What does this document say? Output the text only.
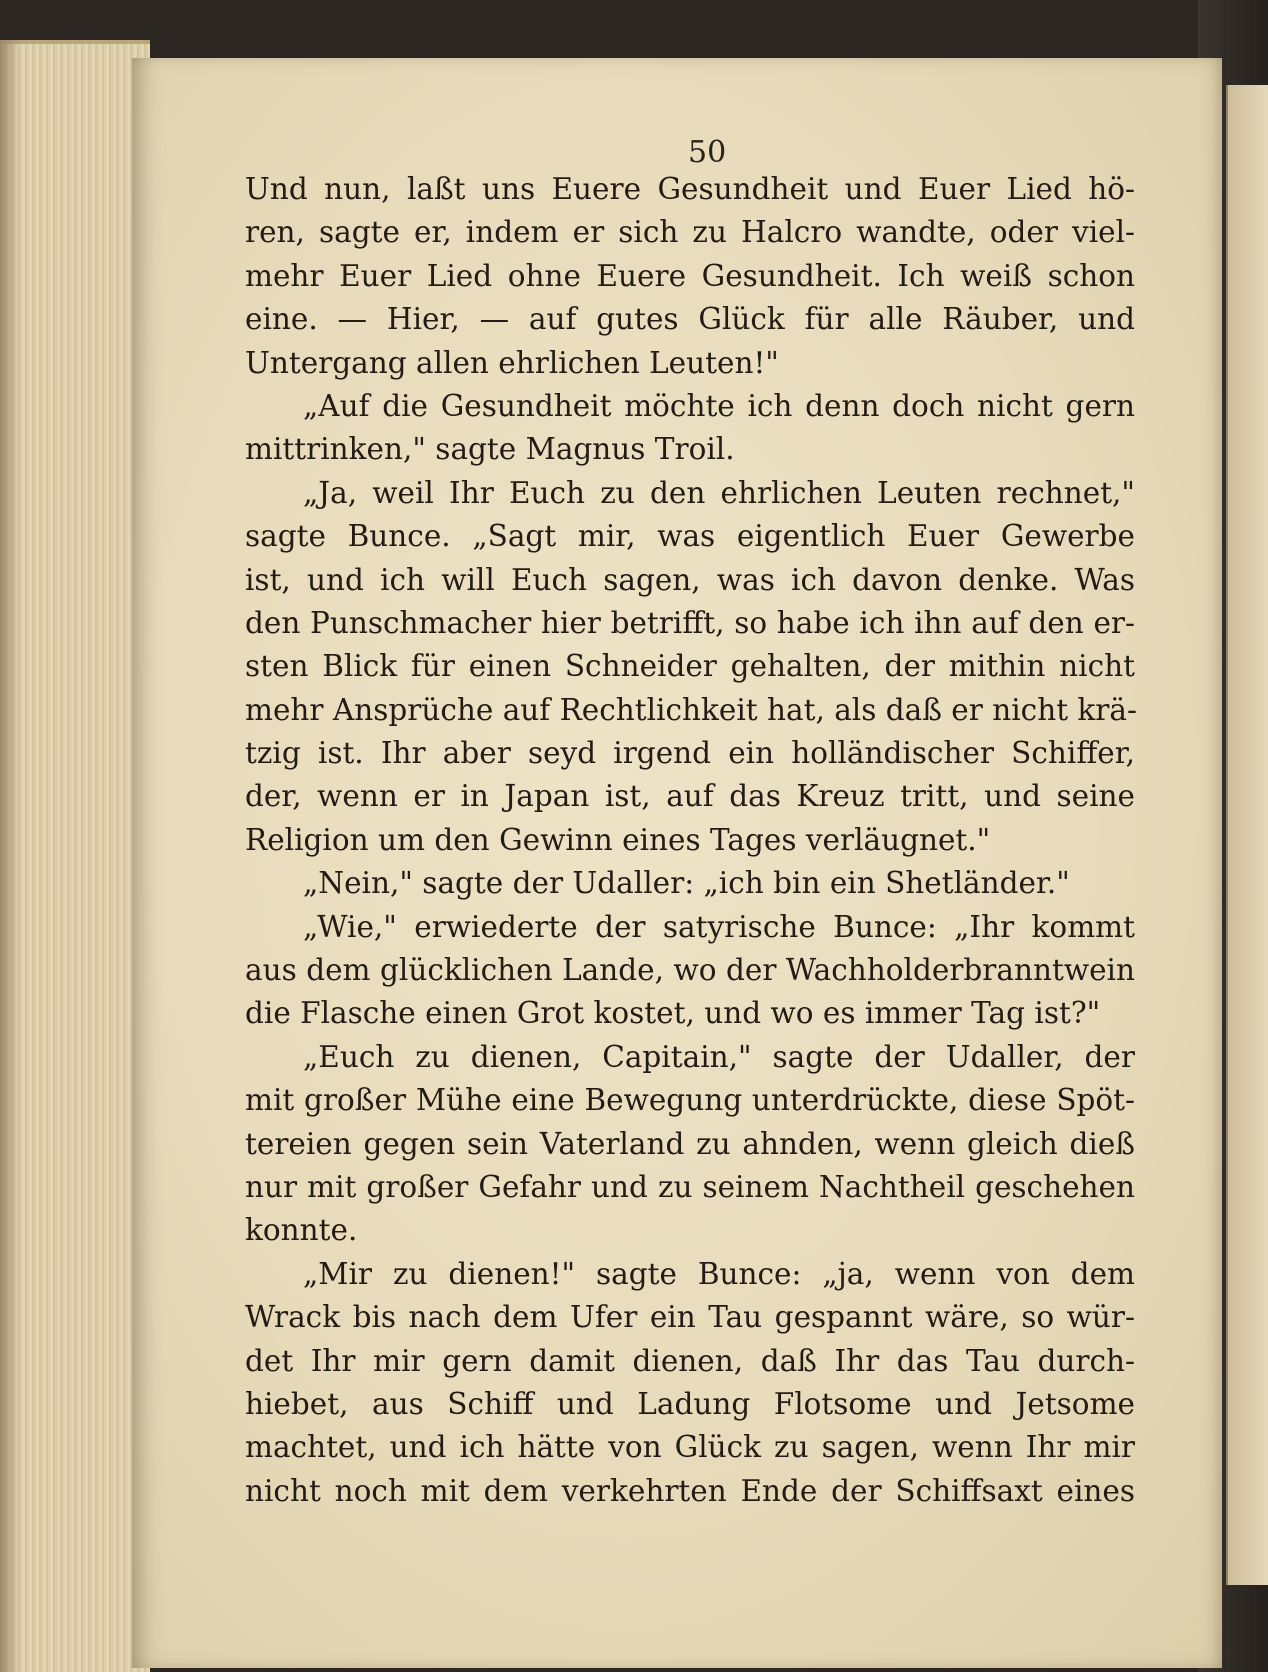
50
Und nun, laßt uns Euere Gesundheit und Euer Lied hö-
ren, sagte er, indem er sich zu Halcro wandte, oder viel-
mehr Euer Lied ohne Euere Gesundheit. Ich weiß schon
eine. — Hier, — auf gutes Glück für alle Räuber, und
Untergang allen ehrlichen Leuten!"
„Auf die Gesundheit möchte ich denn doch nicht gern
mittrinken," sagte Magnus Troil.
„Ja, weil Ihr Euch zu den ehrlichen Leuten rechnet,"
sagte Bunce. „Sagt mir, was eigentlich Euer Gewerbe
ist, und ich will Euch sagen, was ich davon denke. Was
den Punschmacher hier betrifft, so habe ich ihn auf den er-
sten Blick für einen Schneider gehalten, der mithin nicht
mehr Ansprüche auf Rechtlichkeit hat, als daß er nicht krä-
tzig ist. Ihr aber seyd irgend ein holländischer Schiffer,
der, wenn er in Japan ist, auf das Kreuz tritt, und seine
Religion um den Gewinn eines Tages verläugnet."
„Nein," sagte der Udaller: „ich bin ein Shetländer."
„Wie," erwiederte der satyrische Bunce: „Ihr kommt
aus dem glücklichen Lande, wo der Wachholderbranntwein
die Flasche einen Grot kostet, und wo es immer Tag ist?"
„Euch zu dienen, Capitain," sagte der Udaller, der
mit großer Mühe eine Bewegung unterdrückte, diese Spöt-
tereien gegen sein Vaterland zu ahnden, wenn gleich dieß
nur mit großer Gefahr und zu seinem Nachtheil geschehen
konnte.
„Mir zu dienen!" sagte Bunce: „ja, wenn von dem
Wrack bis nach dem Ufer ein Tau gespannt wäre, so wür-
det Ihr mir gern damit dienen, daß Ihr das Tau durch-
hiebet, aus Schiff und Ladung Flotsome und Jetsome
machtet, und ich hätte von Glück zu sagen, wenn Ihr mir
nicht noch mit dem verkehrten Ende der Schiffsaxt eines
